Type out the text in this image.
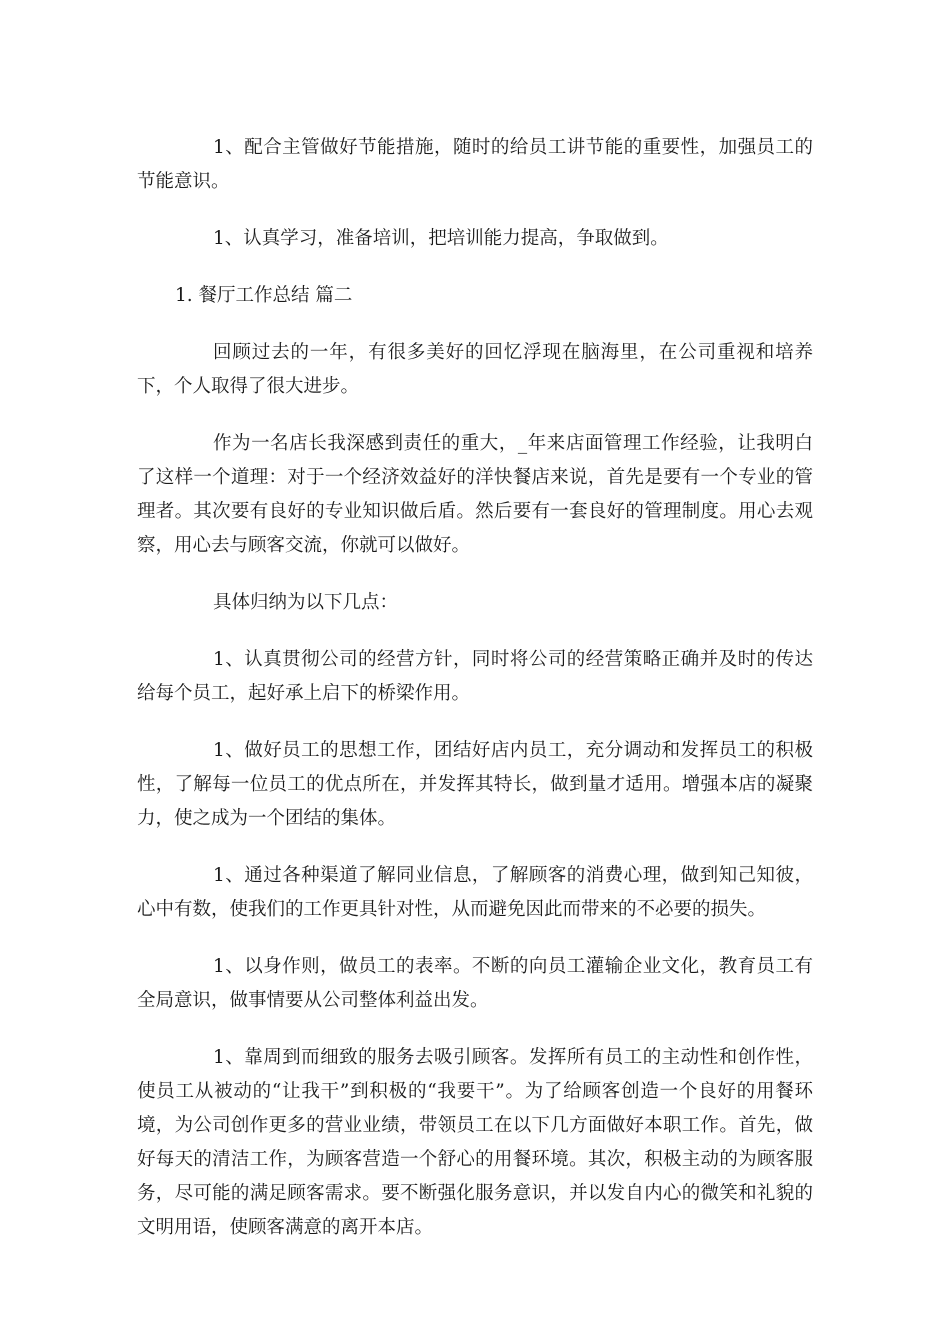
1、配合主管做好节能措施，随时的给员工讲节能的重要性，加强员工的节能意识。

1、认真学习，准备培训，把培训能力提高，争取做到。

1. 餐厅工作总结 篇二

回顾过去的一年，有很多美好的回忆浮现在脑海里，在公司重视和培养下，个人取得了很大进步。

作为一名店长我深感到责任的重大，_年来店面管理工作经验，让我明白了这样一个道理：对于一个经济效益好的洋快餐店来说，首先是要有一个专业的管理者。其次要有良好的专业知识做后盾。然后要有一套良好的管理制度。用心去观察，用心去与顾客交流，你就可以做好。

具体归纳为以下几点：

1、认真贯彻公司的经营方针，同时将公司的经营策略正确并及时的传达给每个员工，起好承上启下的桥梁作用。

1、做好员工的思想工作，团结好店内员工，充分调动和发挥员工的积极性，了解每一位员工的优点所在，并发挥其特长，做到量才适用。增强本店的凝聚力，使之成为一个团结的集体。

1、通过各种渠道了解同业信息，了解顾客的消费心理，做到知己知彼，心中有数，使我们的工作更具针对性，从而避免因此而带来的不必要的损失。

1、以身作则，做员工的表率。不断的向员工灌输企业文化，教育员工有全局意识，做事情要从公司整体利益出发。

1、靠周到而细致的服务去吸引顾客。发挥所有员工的主动性和创作性，使员工从被动的“让我干”到积极的“我要干”。为了给顾客创造一个良好的用餐环境，为公司创作更多的营业业绩，带领员工在以下几方面做好本职工作。首先，做好每天的清洁工作，为顾客营造一个舒心的用餐环境。其次，积极主动的为顾客服务，尽可能的满足顾客需求。要不断强化服务意识，并以发自内心的微笑和礼貌的文明用语，使顾客满意的离开本店。
